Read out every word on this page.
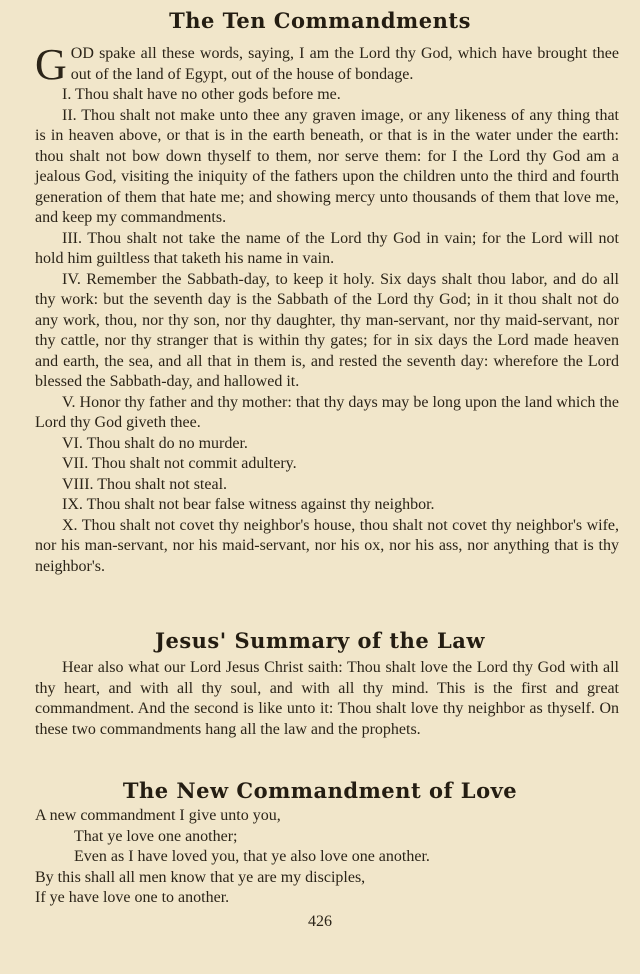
The Ten Commandments
G OD spake all these words, saying, I am the Lord thy God, which have brought thee out of the land of Egypt, out of the house of bondage.

I. Thou shalt have no other gods before me.

II. Thou shalt not make unto thee any graven image, or any likeness of any thing that is in heaven above, or that is in the earth beneath, or that is in the water under the earth: thou shalt not bow down thyself to them, nor serve them: for I the Lord thy God am a jealous God, visiting the iniquity of the fathers upon the children unto the third and fourth generation of them that hate me; and showing mercy unto thousands of them that love me, and keep my commandments.

III. Thou shalt not take the name of the Lord thy God in vain; for the Lord will not hold him guiltless that taketh his name in vain.

IV. Remember the Sabbath-day, to keep it holy. Six days shalt thou labor, and do all thy work: but the seventh day is the Sabbath of the Lord thy God; in it thou shalt not do any work, thou, nor thy son, nor thy daughter, thy man-servant, nor thy maid-servant, nor thy cattle, nor thy stranger that is within thy gates; for in six days the Lord made heaven and earth, the sea, and all that in them is, and rested the seventh day: wherefore the Lord blessed the Sabbath-day, and hallowed it.

V. Honor thy father and thy mother: that thy days may be long upon the land which the Lord thy God giveth thee.

VI. Thou shalt do no murder.

VII. Thou shalt not commit adultery.

VIII. Thou shalt not steal.

IX. Thou shalt not bear false witness against thy neighbor.

X. Thou shalt not covet thy neighbor's house, thou shalt not covet thy neighbor's wife, nor his man-servant, nor his maid-servant, nor his ox, nor his ass, nor anything that is thy neighbor's.

Jesus' Summary of the Law

Hear also what our Lord Jesus Christ saith: Thou shalt love the Lord thy God with all thy heart, and with all thy soul, and with all thy mind. This is the first and great commandment. And the second is like unto it: Thou shalt love thy neighbor as thyself. On these two commandments hang all the law and the prophets.

The New Commandment of Love

A new commandment I give unto you,

That ye love one another;

Even as I have loved you, that ye also love one another.

By this shall all men know that ye are my disciples,

If ye have love one to another.

426
